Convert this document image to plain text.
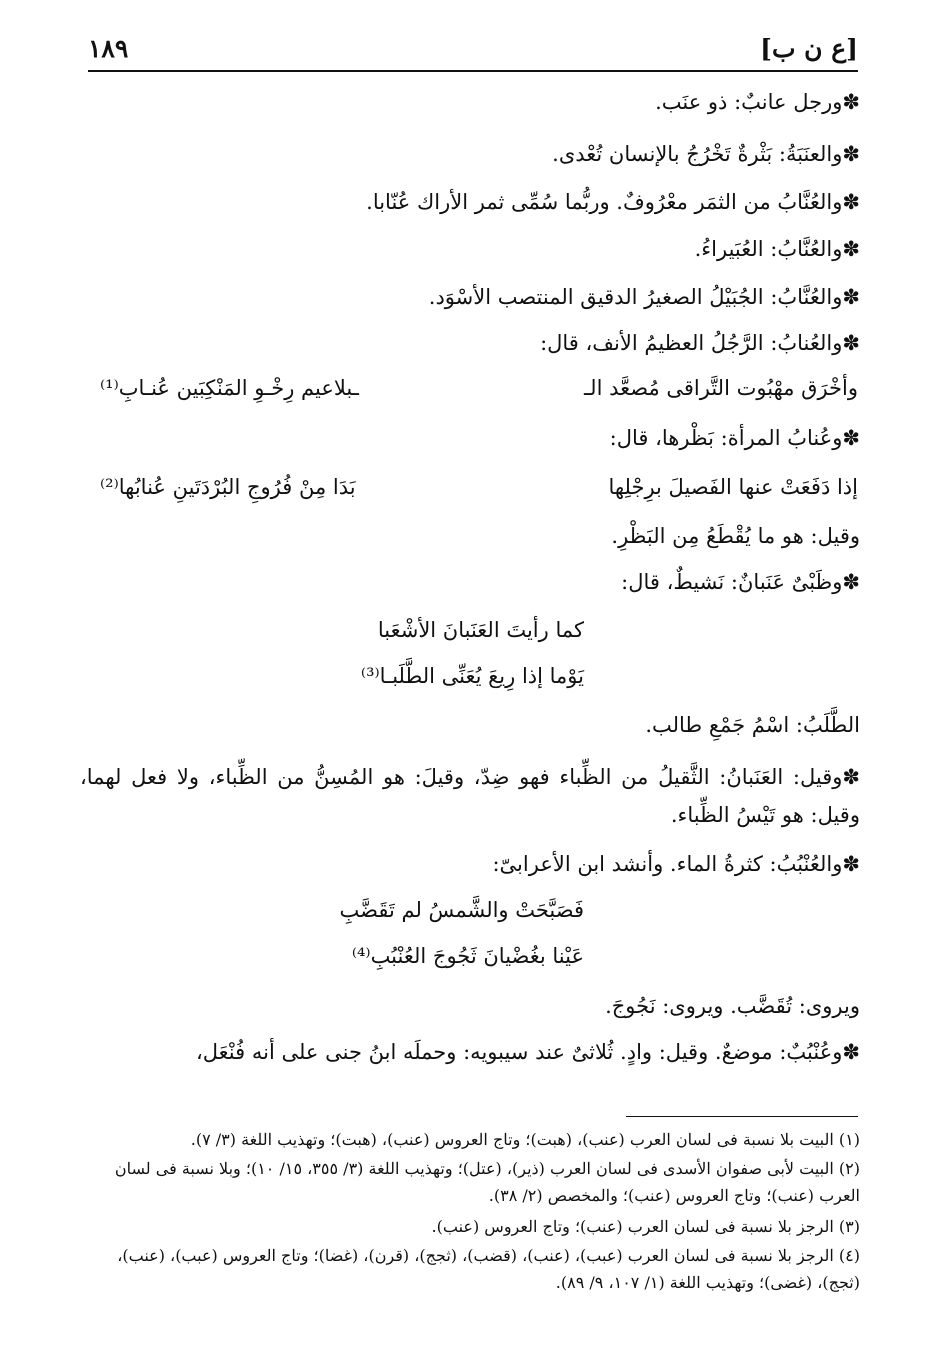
[ع ن ب]
١٨٩
✽ورجل عانبٌ: ذو عنَب.
✽والعنَبَةُ: بَثْرةٌ تَخْرُجُ بالإنسان تُعْدى.
✽والعُنَّابُ من الثمَر معْرُوفٌ. وربُّما سُمِّى ثمر الأراك عُنّابا.
✽والعُنَّابُ: العُبَيراءُ.
✽والعُنَّابُ: الجُبَيْلُ الصغيرُ الدقيق المنتصب الأسْوَد.
✽والعُنابُ: الرَّجُلُ العظيمُ الأنف، قال:
وأخْرَق مهْبُوت التَّراقى مُصعَّد الـ
ـبلاعيم رِخْـوِ المَنْكِبَين عُنـابِ⁽¹⁾
✽وعُنابُ المرأة: بَظْرها، قال:
إذا دَفَعَتْ عنها الفَصيلَ برِجْلِها
بَدَا مِنْ فُرُوجِ البُرْدَتَينِ عُنابُها⁽²⁾
وقيل: هو ما يُقْطَعُ مِن البَظْرِ.
✽وظَبْىٌ عَنَبانٌ: نَشيطٌ، قال:
كما رأيتَ العَنَبانَ الأشْعَبا
يَوْما إذا رِيعَ يُعَنِّى الطَّلَبـا⁽³⁾
الطَّلَبُ: اسْمُ جَمْعِ طالب.
✽وقيل: العَنَبانُ: الثَّقيلُ من الظِّباء فهو ضِدّ، وقيلَ: هو المُسِنُّ من الظِّباء، ولا فعل لهما، وقيل: هو تَيْسُ الظِّباء.
✽والعُنْبُبُ: كثرةُ الماء. وأنشد ابن الأعرابىّ:
فَصَبَّحَتْ والشَّمسُ لم تَقَضَّبِ
عَيْنا بغُضْيانَ ثَجُوجَ العُنْبُبِ⁽⁴⁾
ويروى: تُقَضَّب. ويروى: نَجُوجَ.
✽وعُنْبُبٌ: موضعٌ. وقيل: وادٍ. ثُلاثىٌ عند سيبويه: وحملَه ابنُ جنى على أنه فُنْعَل،
(١) البيت بلا نسبة فى لسان العرب (عنب)، (هبت)؛ وتاج العروس (عنب)، (هبت)؛ وتهذيب اللغة (٣/ ٧).
(٢) البيت لأبى صفوان الأسدى فى لسان العرب (ذير)، (عتل)؛ وتهذيب اللغة (٣/ ٣٥٥، ١٥/ ١٠)؛ وبلا نسبة فى لسان العرب (عنب)؛ وتاج العروس (عنب)؛ والمخصص (٢/ ٣٨).
(٣) الرجز بلا نسبة فى لسان العرب (عنب)؛ وتاج العروس (عنب).
(٤) الرجز بلا نسبة فى لسان العرب (عبب)، (عنب)، (قضب)، (ثجج)، (قرن)، (غضا)؛ وتاج العروس (عبب)، (عنب)، (ثجج)، (غضى)؛ وتهذيب اللغة (١/ ١٠٧، ٩/ ٨٩).
